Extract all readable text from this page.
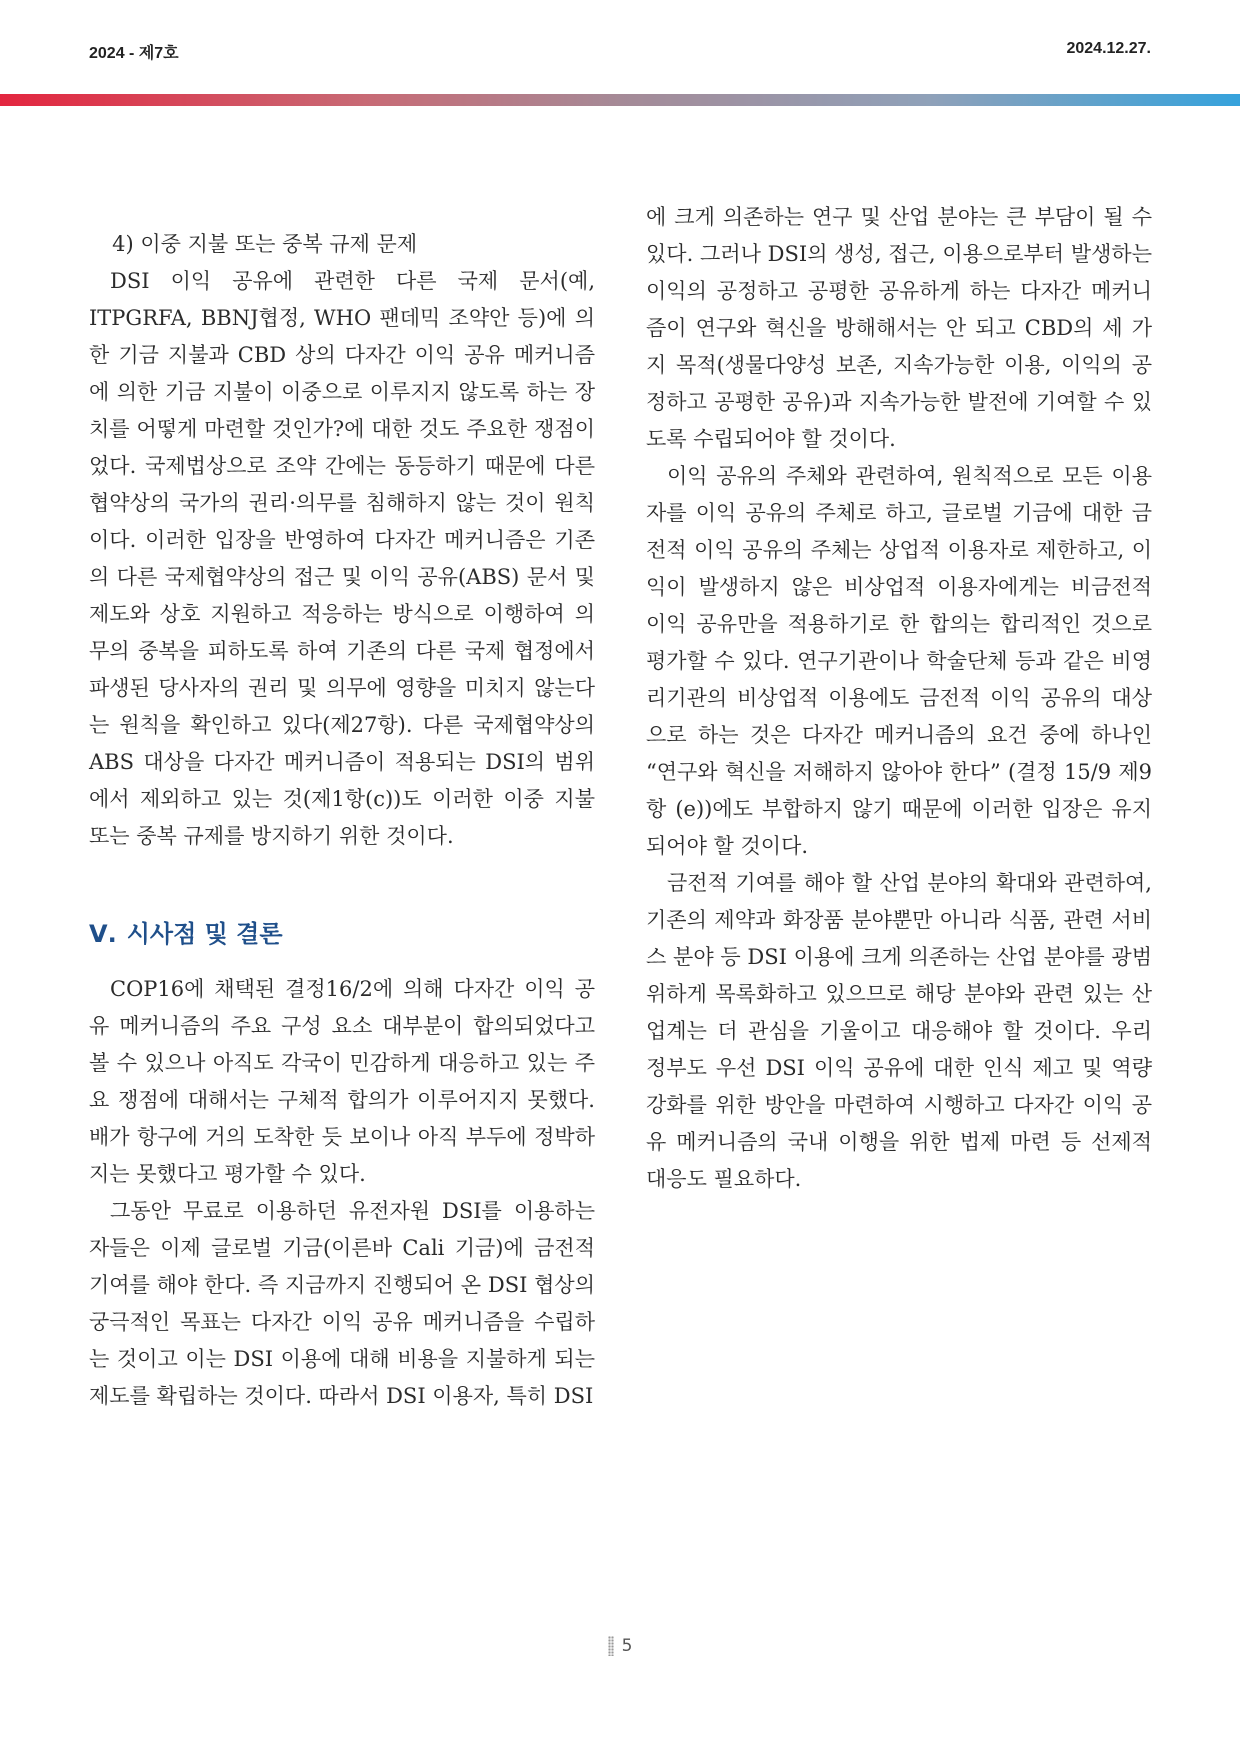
2024 - 제7호	2024.12.27.

4) 이중 지불 또는 중복 규제 문제

DSI 이익 공유에 관련한 다른 국제 문서(예, ITPGRFA, BBNJ협정, WHO 팬데믹 조약안 등)에 의한 기금 지불과 CBD 상의 다자간 이익 공유 메커니즘에 의한 기금 지불이 이중으로 이루지지 않도록 하는 장치를 어떻게 마련할 것인가?에 대한 것도 주요한 쟁점이었다. 국제법상으로 조약 간에는 동등하기 때문에 다른 협약상의 국가의 권리·의무를 침해하지 않는 것이 원칙이다. 이러한 입장을 반영하여 다자간 메커니즘은 기존의 다른 국제협약상의 접근 및 이익 공유(ABS) 문서 및 제도와 상호 지원하고 적응하는 방식으로 이행하여 의무의 중복을 피하도록 하여 기존의 다른 국제 협정에서 파생된 당사자의 권리 및 의무에 영향을 미치지 않는다는 원칙을 확인하고 있다(제27항). 다른 국제협약상의 ABS 대상을 다자간 메커니즘이 적용되는 DSI의 범위에서 제외하고 있는 것(제1항(c))도 이러한 이중 지불 또는 중복 규제를 방지하기 위한 것이다.

Ⅴ. 시사점 및 결론

COP16에 채택된 결정16/2에 의해 다자간 이익 공유 메커니즘의 주요 구성 요소 대부분이 합의되었다고 볼 수 있으나 아직도 각국이 민감하게 대응하고 있는 주요 쟁점에 대해서는 구체적 합의가 이루어지지 못했다. 배가 항구에 거의 도착한 듯 보이나 아직 부두에 정박하지는 못했다고 평가할 수 있다.

그동안 무료로 이용하던 유전자원 DSI를 이용하는 자들은 이제 글로벌 기금(이른바 Cali 기금)에 금전적 기여를 해야 한다. 즉 지금까지 진행되어 온 DSI 협상의 궁극적인 목표는 다자간 이익 공유 메커니즘을 수립하는 것이고 이는 DSI 이용에 대해 비용을 지불하게 되는 제도를 확립하는 것이다. 따라서 DSI 이용자, 특히 DSI

에 크게 의존하는 연구 및 산업 분야는 큰 부담이 될 수 있다. 그러나 DSI의 생성, 접근, 이용으로부터 발생하는 이익의 공정하고 공평한 공유하게 하는 다자간 메커니즘이 연구와 혁신을 방해해서는 안 되고 CBD의 세 가지 목적(생물다양성 보존, 지속가능한 이용, 이익의 공정하고 공평한 공유)과 지속가능한 발전에 기여할 수 있도록 수립되어야 할 것이다.

이익 공유의 주체와 관련하여, 원칙적으로 모든 이용자를 이익 공유의 주체로 하고, 글로벌 기금에 대한 금전적 이익 공유의 주체는 상업적 이용자로 제한하고, 이익이 발생하지 않은 비상업적 이용자에게는 비금전적 이익 공유만을 적용하기로 한 합의는 합리적인 것으로 평가할 수 있다. 연구기관이나 학술단체 등과 같은 비영리기관의 비상업적 이용에도 금전적 이익 공유의 대상으로 하는 것은 다자간 메커니즘의 요건 중에 하나인 “연구와 혁신을 저해하지 않아야 한다” (결정 15/9 제9항 (e))에도 부합하지 않기 때문에 이러한 입장은 유지되어야 할 것이다.

금전적 기여를 해야 할 산업 분야의 확대와 관련하여, 기존의 제약과 화장품 분야뿐만 아니라 식품, 관련 서비스 분야 등 DSI 이용에 크게 의존하는 산업 분야를 광범위하게 목록화하고 있으므로 해당 분야와 관련 있는 산업계는 더 관심을 기울이고 대응해야 할 것이다. 우리 정부도 우선 DSI 이익 공유에 대한 인식 제고 및 역량 강화를 위한 방안을 마련하여 시행하고 다자간 이익 공유 메커니즘의 국내 이행을 위한 법제 마련 등 선제적 대응도 필요하다.

5
